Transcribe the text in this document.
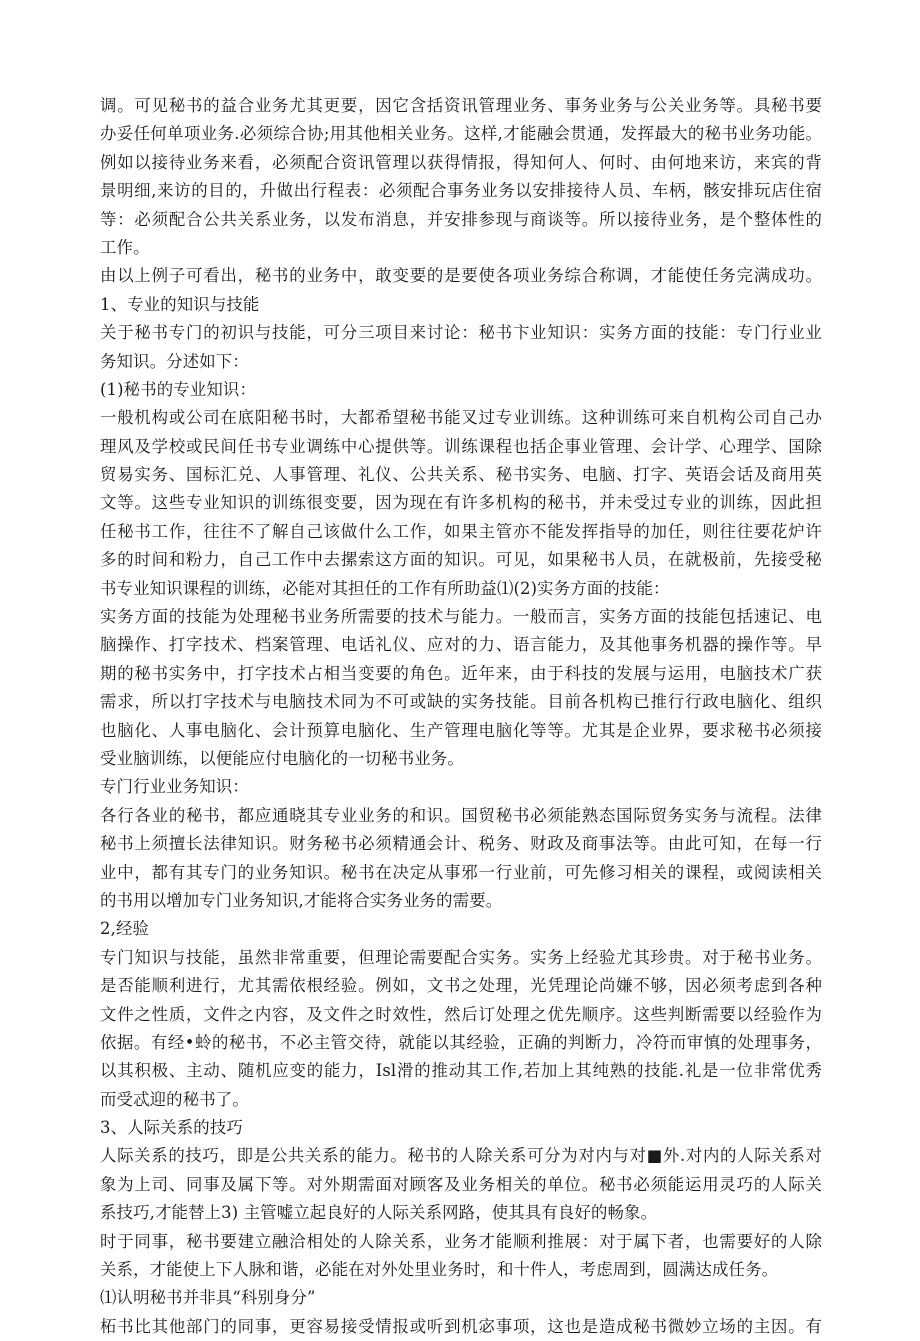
调。可见秘书的益合业务尤其更要，因它含括资讯管理业务、事务业务与公关业务等。具秘书要
办妥任何单项业务.必须综合协;用其他相关业务。这样,才能融会贯通，发挥最大的秘书业务功能。
例如以接待业务来看，必须配合资讯管理以获得情报，得知何人、何时、由何地来访，来宾的背
景明细,来访的目的，升做出行程表：必须配合事务业务以安排接待人员、车柄，骸安排玩店住宿
等：必须配合公共关系业务，以发布消息，并安排参现与商谈等。所以接待业务，是个整体性的
工作。
由以上例子可看出，秘书的业务中，敢变要的是要使各项业务综合称调，才能使任务完满成功。
1、专业的知识与技能
关于秘书专门的初识与技能，可分三项目来讨论：秘书卞业知识：实务方面的技能：专门行业业
务知识。分述如下：
(1)秘书的专业知识：
一般机构或公司在底阳秘书时，大都希望秘书能叉过专业训练。这种训练可来自机构公司自己办
理风及学校或民间任书专业调练中心提供等。训练课程也括企事业管理、会计学、心理学、国除
贸易实务、国标汇兑、人事管理、礼仪、公共关系、秘书实务、电脑、打字、英语会话及商用英
文等。这些专业知识的训练很变要，因为现在有许多机构的秘书，并未受过专业的训练，因此担
任秘书工作，往往不了解自己该做什么工作，如果主管亦不能发挥指导的加任，则往往要花炉许
多的时间和粉力，自己工作中去摞索这方面的知识。可见，如果秘书人员，在就极前，先接受秘
书专业知识课程的训练，必能对其担任的工作有所助益⑴(2)实务方面的技能：
实务方面的技能为处理秘书业务所需要的技术与能力。一般而言，实务方面的技能包括速记、电
脑操作、打字技术、档案管理、电话礼仪、应对的力、语言能力，及其他事务机器的操作等。早
期的秘书实务中，打字技术占相当变要的角色。近年来，由于科技的发展与运用，电脑技术广获
需求，所以打字技术与电脑技术同为不可或缺的实务技能。目前各机构已推行行政电脑化、组织
也脑化、人事电脑化、会计预算电脑化、生产管理电脑化等等。尤其是企业界，要求秘书必须接
受业脑训练，以便能应付电脑化的一切秘书业务。
专门行业业务知识：
各行各业的秘书，都应通晓其专业业务的和识。国贸秘书必须能熟态国际贸务实务与流程。法律
秘书上须擅长法律知识。财务秘书必须精通会计、税务、财政及商事法等。由此可知，在每一行
业中，都有其专门的业务知识。秘书在决定从事邪一行业前，可先修习相关的课程，或阅读相关
的书用以增加专门业务知识,才能将合实务业务的需要。
2,经验
专门知识与技能，虽然非常重要，但理论需要配合实务。实务上经验尤其珍贵。对于秘书业务。
是否能顺利进行，尤其需依根经验。例如，文书之处理，光凭理论尚嫌不够，因必须考虑到各种
文件之性质，文件之内容，及文件之时效性，然后订处理之优先顺序。这些判断需要以经验作为
依据。有经•蛉的秘书，不必主管交待，就能以其经验，正确的判断力，冷符而审慎的处理事务，
以其积极、主动、随机应变的能力，Isl滑的推动其工作,若加上其纯熟的技能.礼是一位非常优秀
而受忒迎的秘书了。
3、人际关系的技巧
人际关系的技巧，即是公共关系的能力。秘书的人除关系可分为对内与对■外.对内的人际关系对
象为上司、同事及属下等。对外期需面对顾客及业务相关的单位。秘书必须能运用灵巧的人际关
系技巧,才能替上3) 主管嘘立起良好的人际关系网路，使其具有良好的畅象。
时于同事，秘书要建立融洽相处的人除关系，业务才能顺利推展：对于属下者，也需要好的人除
关系，才能使上下人脉和谐，必能在对外处里业务时，和十件人，考虑周到，圆满达成任务。
⑴认明秘书并非具“科别身分”
柘书比其他部门的同事，更容易接受情报或听到机宓事项，这也是造成秘书微妙立场的主因。有
